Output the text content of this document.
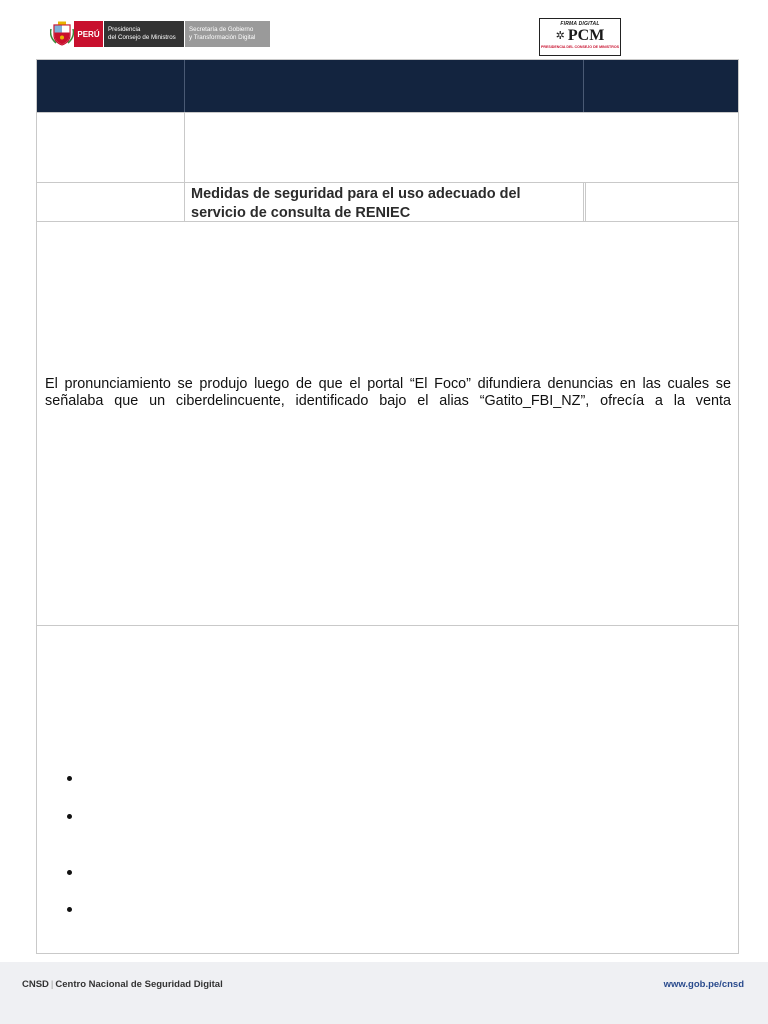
PERÚ	Presidencia
del Consejo de Ministros
Secretaría de Gobierno
y Transformación Digital
FIRMA DIGITAL
✲ PCM
PRESIDENCIA DEL CONSEJO DE MINISTROS
Medidas de seguridad para el uso adecuado del servicio de consulta de RENIEC

El pronunciamiento se produjo luego de que el portal “El Foco” difundiera denuncias en las cuales se señalaba que un ciberdelincuente, identificado bajo el alias “Gatito_FBI_NZ”, ofrecía a la venta

CNSD | Centro Nacional de Seguridad Digital	www.gob.pe/cnsd
